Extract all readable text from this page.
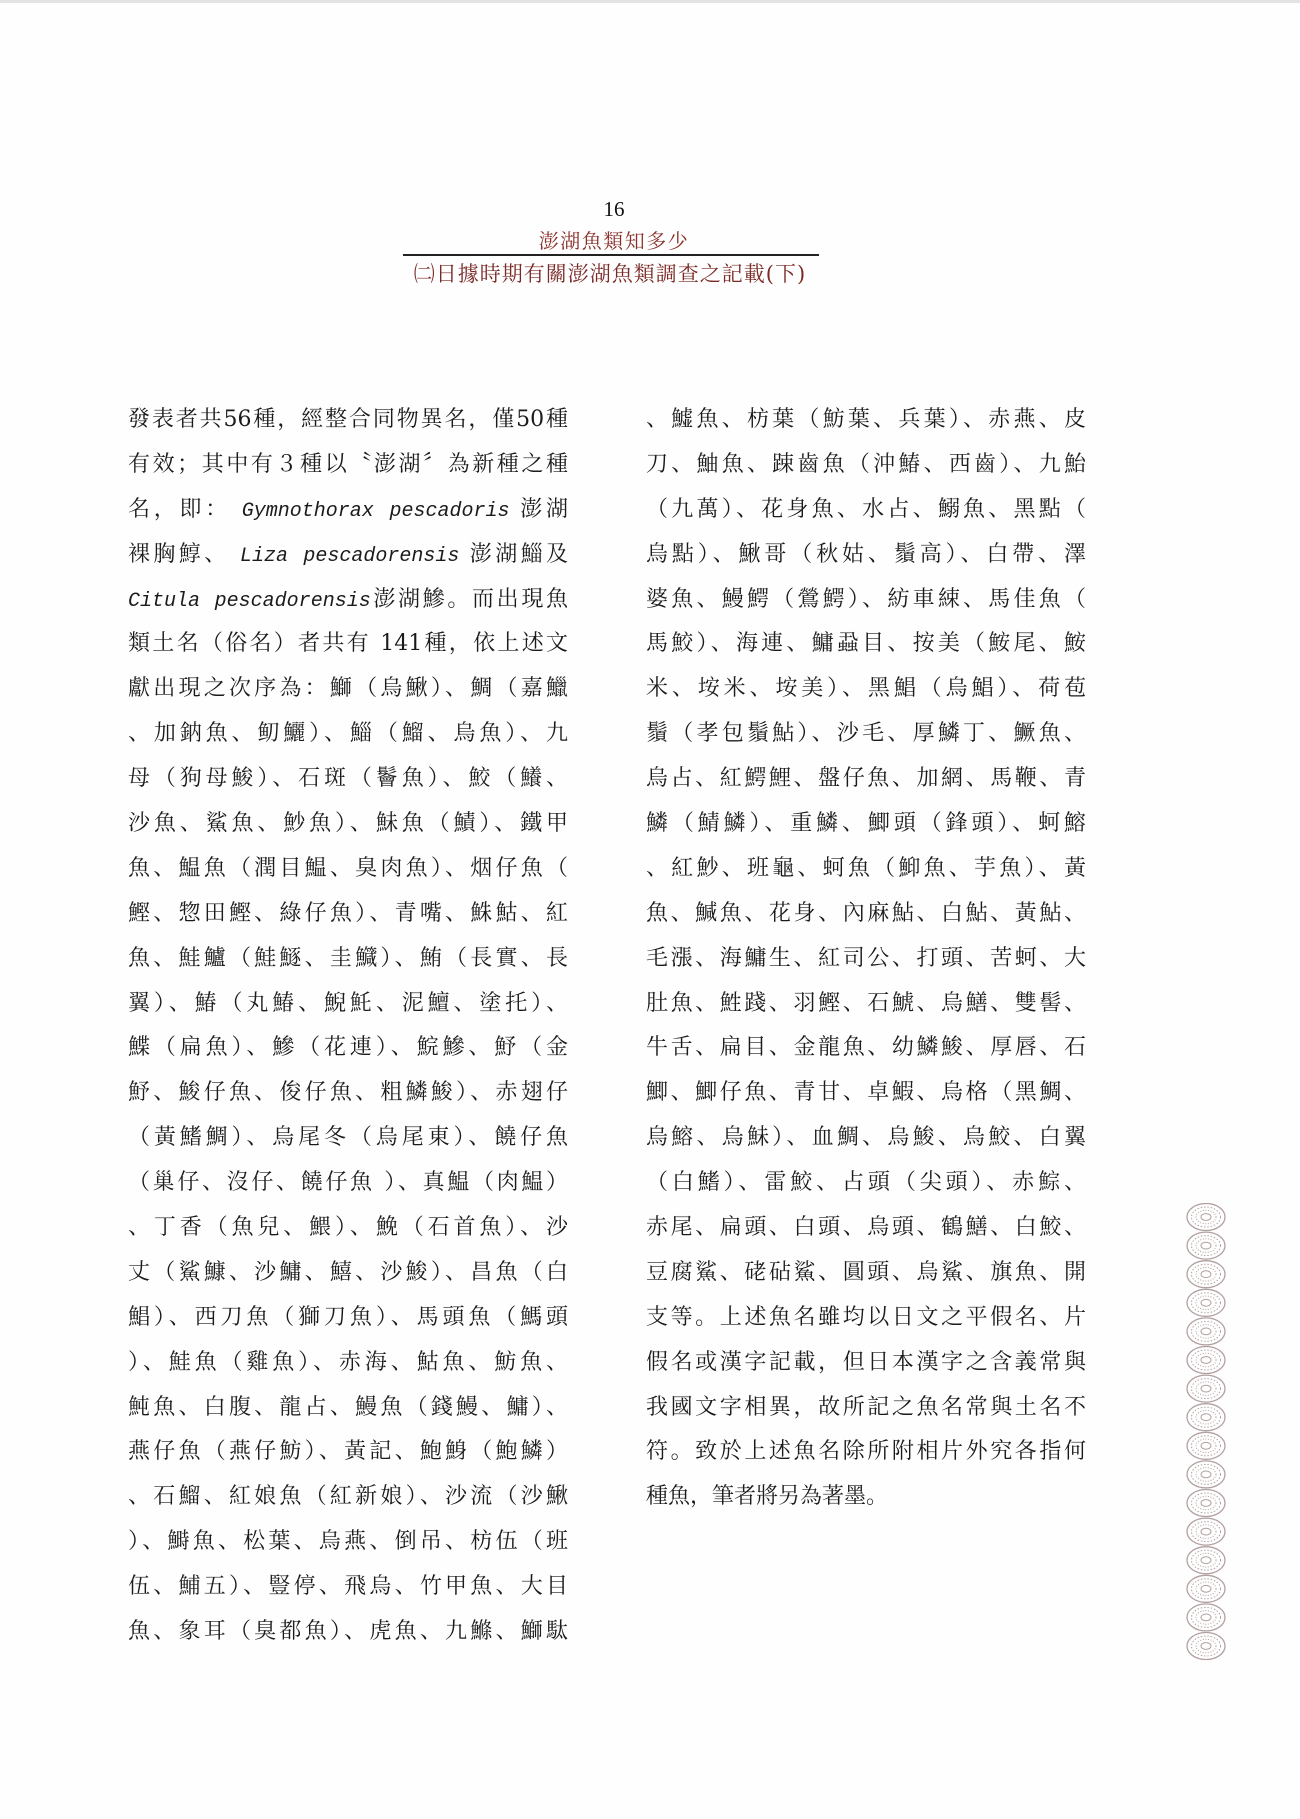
16
澎湖魚類知多少
㈡日據時期有關澎湖魚類調查之記載(下)
發表者共56種，經整合同物異名，僅50種
有效；其中有３種以〝澎湖〞為新種之種
名，即： Gymnothorax pescadoris 澎湖
裸胸鯙、 Liza pescadorensis 澎湖鯔及
Citula pescadorensis澎湖鰺。而出現魚
類土名（俗名）者共有 141種，依上述文
獻出現之次序為：鰤（烏鰍）、鯛（嘉鱲
、加鈉魚、鱽鱺）、鯔（鰡、烏魚）、九
母（狗母鮻）、石斑（鬠魚）、鮫（鱶、
沙魚、鯊魚、魦魚）、鮇魚（鰿）、鐵甲
魚、鰛魚（潤目鰛、臭肉魚）、烟仔魚（
鰹、惣田鰹、綠仔魚）、青嘴、鮢鮕、紅
魚、鮭鱸（鮭鱁、圭鱵）、鮪（長實、長
翼）、鰆（丸鰆、鯢魠、泥鱣、塗托）、
鰈（扁魚）、鰺（花連）、鯇鰺、魣（金
魣、鮻仔魚、俊仔魚、粗鱗鮻）、赤翅仔
（黃鰭鯛）、烏尾冬（烏尾東）、饒仔魚
（巢仔、沒仔、饒仔魚 ）、真鰛（肉鰛）
、丁香（魚兒、鰃）、鮸（石首魚）、沙
丈（鯊鱇、沙鱅、鱚、沙鮻）、昌魚（白
鯧）、西刀魚（獅刀魚）、馬頭魚（鰢頭
）、鮭魚（雞魚）、赤海、鮕魚、魴魚、
魨魚、白腹、龍占、鰻魚（錢鰻、鱅）、
燕仔魚（燕仔魴）、黃記、鮑鯓（鮑鱗）
、石鰡、紅娘魚（紅新娘）、沙流（沙鰍
）、鰣魚、松葉、烏燕、倒吊、枋伍（班
伍、鯆五）、豎停、飛烏、竹甲魚、大目
魚、象耳（臭都魚）、虎魚、九鰷、鰤駄
、鱋魚、枋葉（魴葉、兵葉）、赤燕、皮
刀、鮋魚、踈齒魚（沖鰆、西齒）、九鮐
（九萬）、花身魚、水占、鰯魚、黑點（
烏點）、鰍哥（秋姑、鬚高）、白帶、澤
婆魚、鰻鰐（鶯鰐）、紡車綀、馬佳魚（
馬鮫）、海連、鱅蝨目、按美（鮟尾、鮟
米、垵米、垵美）、黑鯧（烏鯧）、荷苞
鬚（孝包鬚鮎）、沙毛、厚鱗丁、鱖魚、
烏占、紅鰐鯉、盤仔魚、加網、馬鞭、青
鱗（鯖鱗）、重鱗、鯽頭（鋒頭）、蚵鰫
、紅魦、班龜、蚵魚（鮣魚、芋魚）、黃
魚、鰔魚、花身、內麻鮎、白鮎、黃鮎、
毛漲、海鱅生、紅司公、打頭、苦蚵、大
肚魚、鮏踐、羽鰹、石鯱、烏鱔、雙髻、
牛舌、扁目、金龍魚、幼鱗鮻、厚唇、石
鯽、鯽仔魚、青甘、卓鰕、烏格（黑鯛、
烏鰫、烏鮇）、血鯛、烏鮻、烏鮫、白翼
（白鰭）、雷鮫、占頭（尖頭）、赤鯮、
赤尾、扁頭、白頭、烏頭、鶴鱔、白鮫、
豆腐鯊、硓砧鯊、圓頭、烏鯊、旗魚、開
支等。上述魚名雖均以日文之平假名、片
假名或漢字記載，但日本漢字之含義常與
我國文字相異，故所記之魚名常與土名不
符。致於上述魚名除所附相片外究各指何
種魚，筆者將另為著墨。
